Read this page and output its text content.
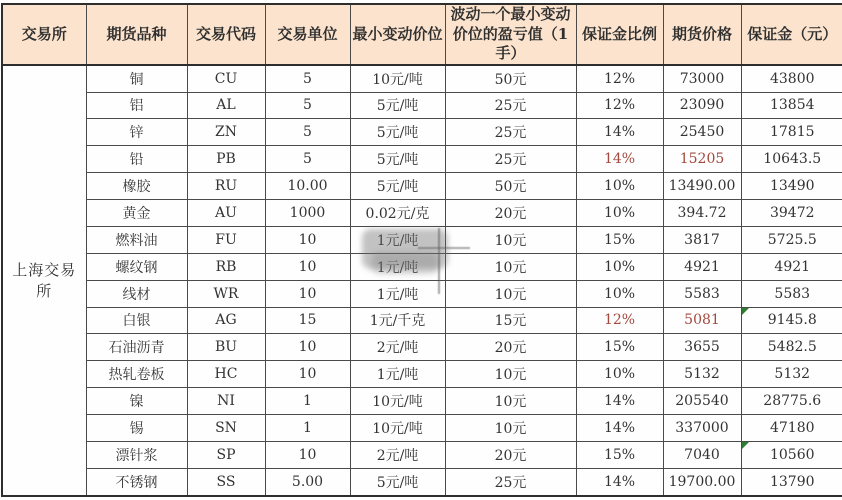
交易所	期货品种	交易代码	交易单位	最小变动价位	波动一个最小变动价位的盈亏值（1手）	保证金比例	期货价格	保证金（元）
上海交易所	铜	CU	5	10元/吨	50元	12%	73000	43800
	铝	AL	5	5元/吨	25元	12%	23090	13854
	锌	ZN	5	5元/吨	25元	14%	25450	17815
	铅	PB	5	5元/吨	25元	14%	15205	10643.5
	橡胶	RU	10.00	5元/吨	50元	10%	13490.00	13490
	黄金	AU	1000	0.02元/克	20元	10%	394.72	39472
	燃料油	FU	10	1元/吨	10元	15%	3817	5725.5
	螺纹钢	RB	10	1元/吨	10元	10%	4921	4921
	线材	WR	10	1元/吨	10元	10%	5583	5583
	白银	AG	15	1元/千克	15元	12%	5081	9145.8

	石油沥青	BU	10	2元/吨	20元	15%	3655	5482.5
	热轧卷板	HC	10	1元/吨	10元	10%	5132	5132
	镍	NI	1	10元/吨	10元	14%	205540	28775.6
	锡	SN	1	10元/吨	10元	14%	337000	47180
	漂针浆	SP	10	2元/吨	20元	15%	7040	10560

	不锈钢	SS	5.00	5元/吨	25元	14%	19700.00	13790
